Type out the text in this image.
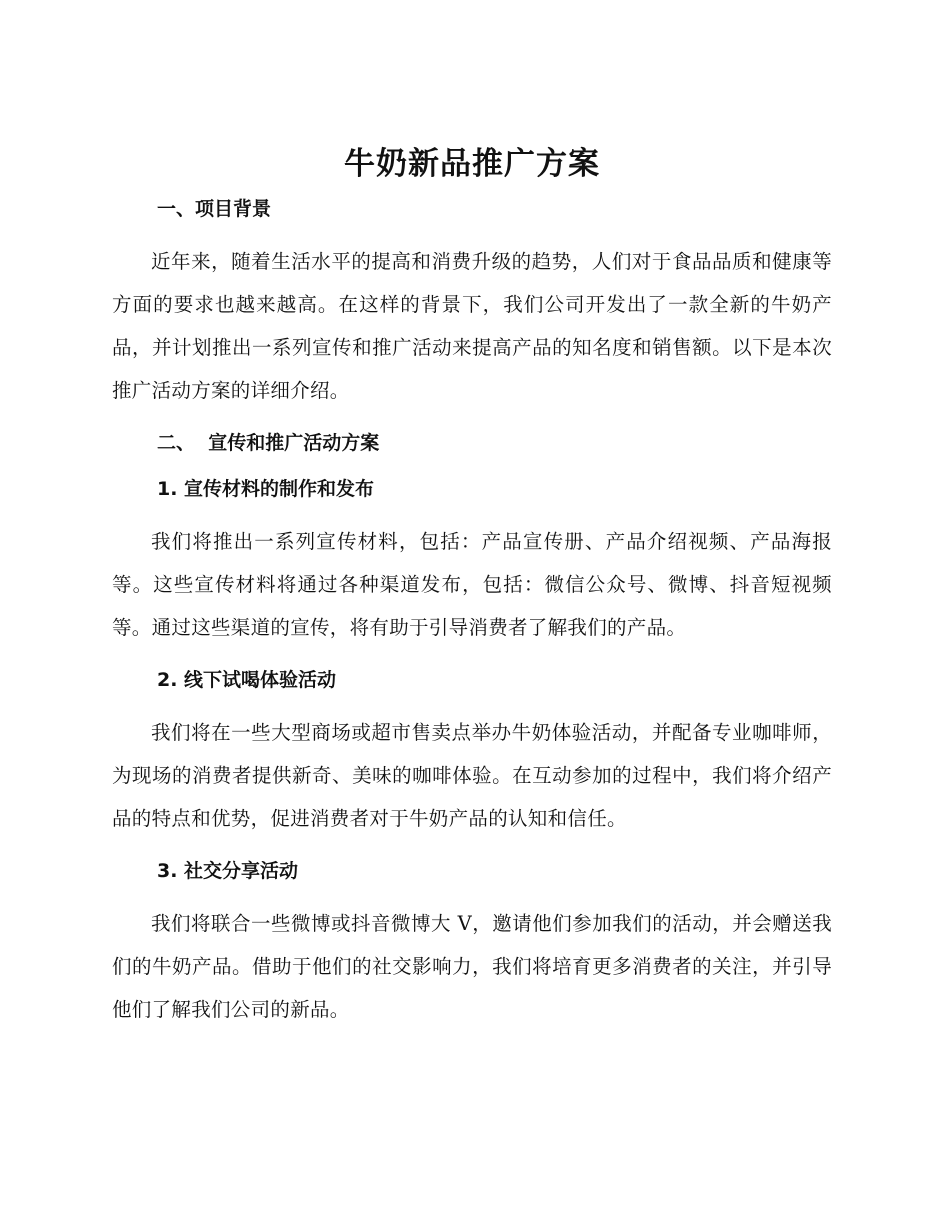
牛奶新品推广方案
一、项目背景

近年来，随着生活水平的提高和消费升级的趋势，人们对于食品品质和健康等方面的要求也越来越高。在这样的背景下，我们公司开发出了一款全新的牛奶产品，并计划推出一系列宣传和推广活动来提高产品的知名度和销售额。以下是本次推广活动方案的详细介绍。

二、  宣传和推广活动方案
1. 宣传材料的制作和发布

我们将推出一系列宣传材料，包括：产品宣传册、产品介绍视频、产品海报等。这些宣传材料将通过各种渠道发布，包括：微信公众号、微博、抖音短视频等。通过这些渠道的宣传，将有助于引导消费者了解我们的产品。

2. 线下试喝体验活动

我们将在一些大型商场或超市售卖点举办牛奶体验活动，并配备专业咖啡师，为现场的消费者提供新奇、美味的咖啡体验。在互动参加的过程中，我们将介绍产品的特点和优势，促进消费者对于牛奶产品的认知和信任。

3. 社交分享活动

我们将联合一些微博或抖音微博大 V，邀请他们参加我们的活动，并会赠送我们的牛奶产品。借助于他们的社交影响力，我们将培育更多消费者的关注，并引导他们了解我们公司的新品。
